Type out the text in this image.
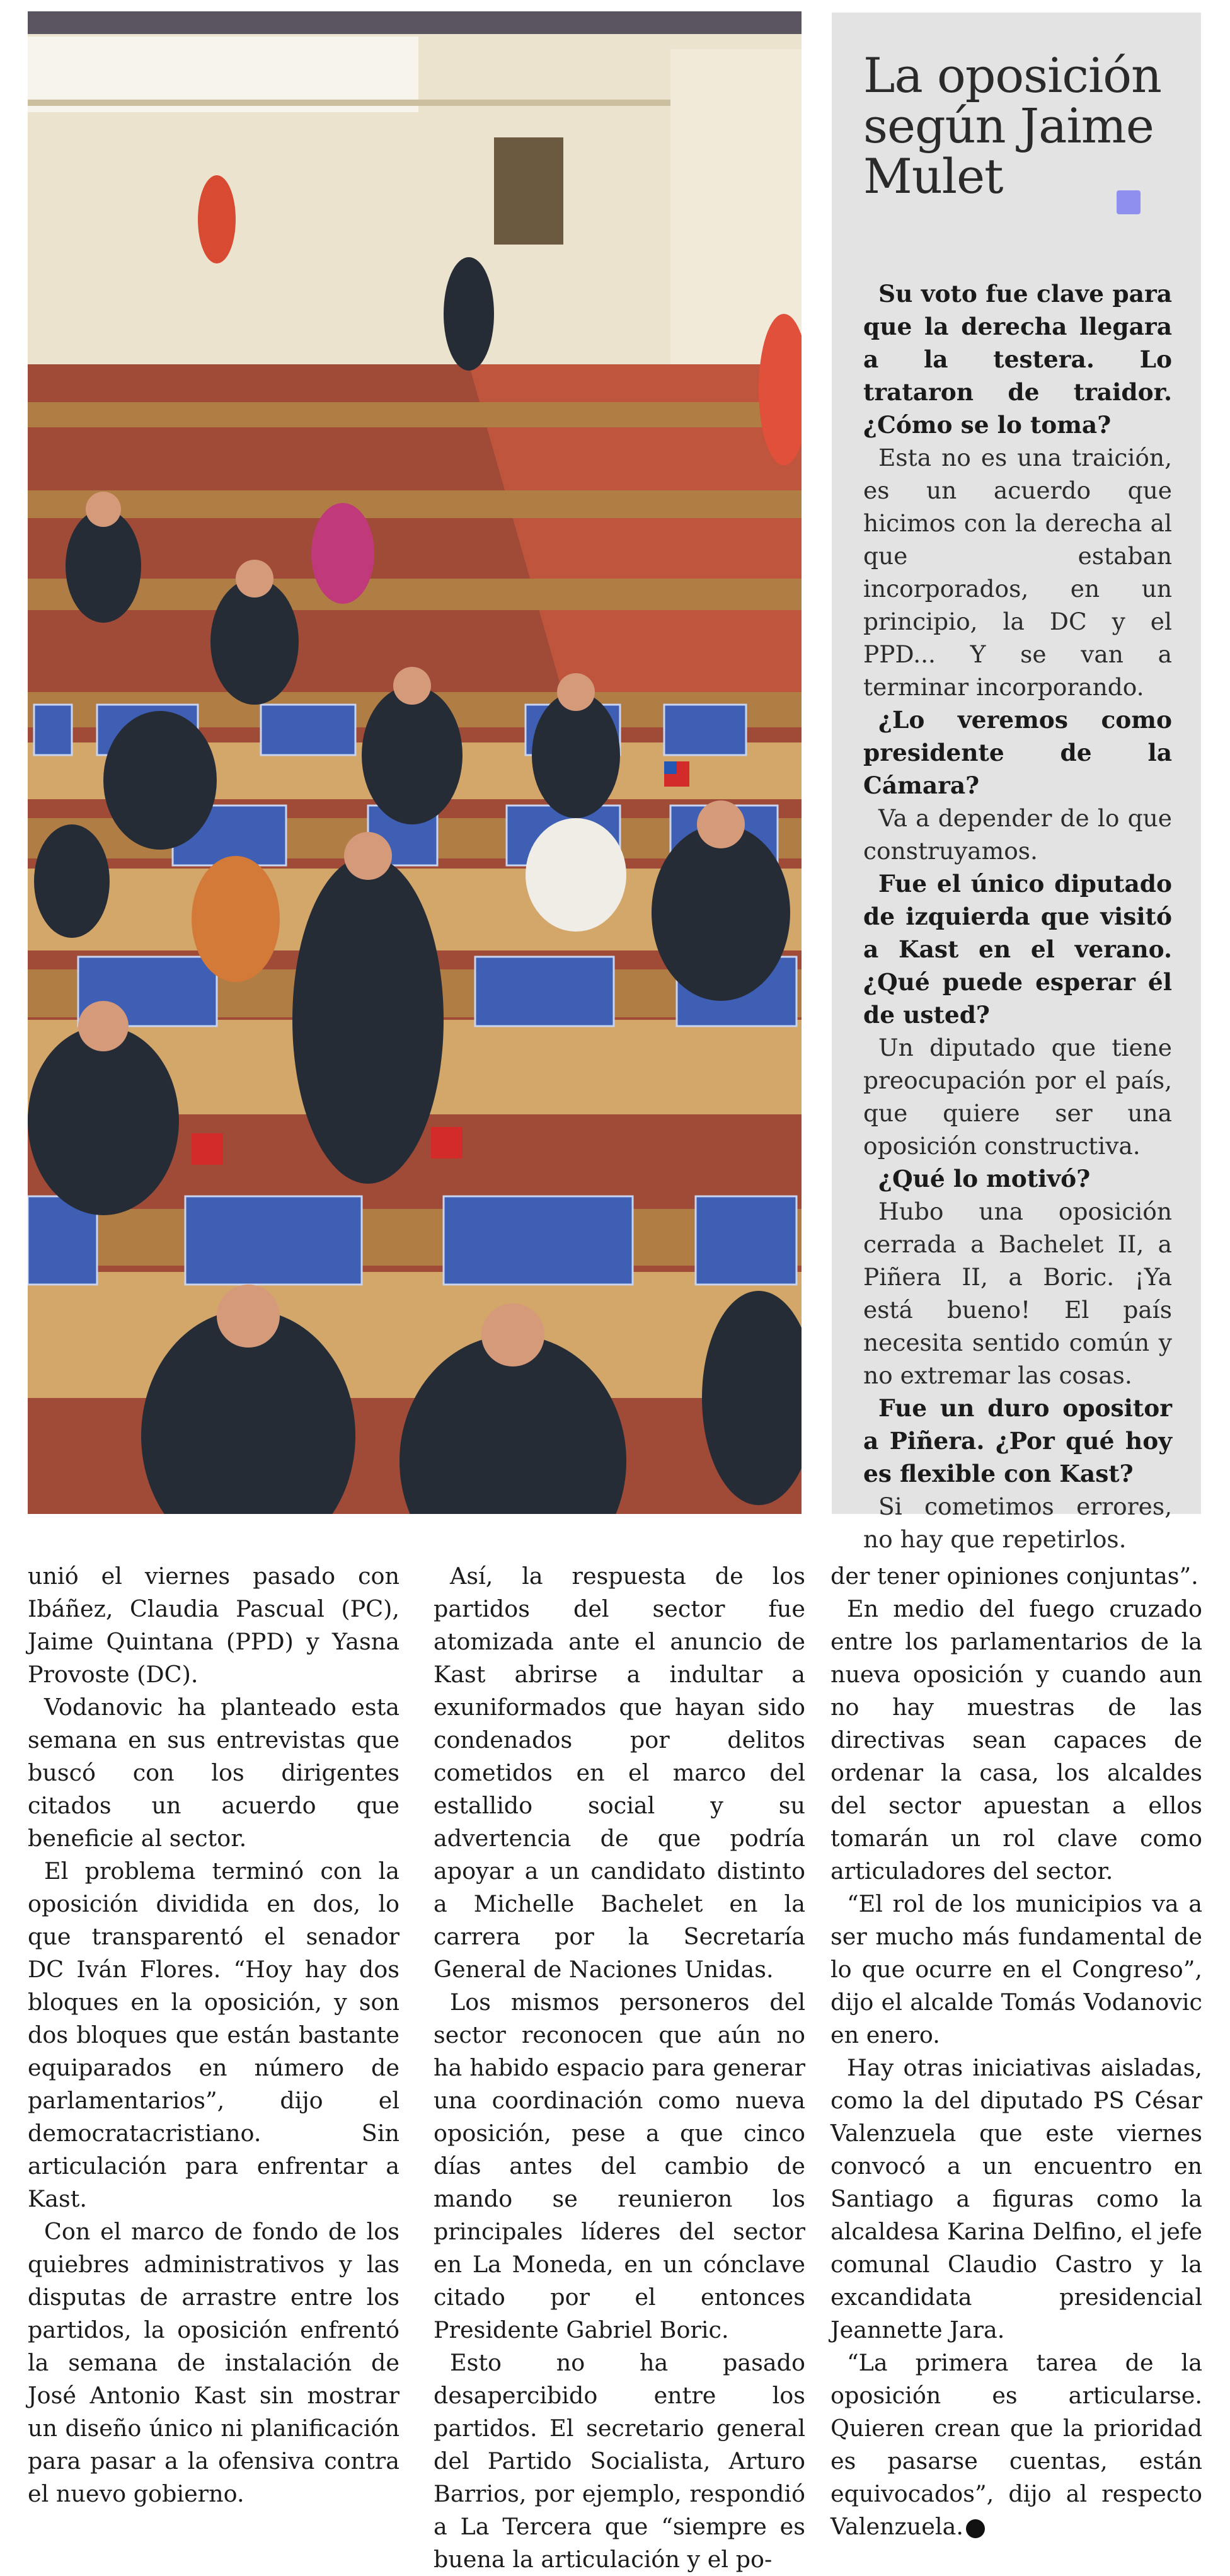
La oposición según Jaime Mulet

Su voto fue clave para que la derecha llegara a la testera. Lo trataron de traidor. ¿Cómo se lo toma?

Esta no es una traición, es un acuerdo que hicimos con la derecha al que estaban incorporados, en un principio, la DC y el PPD... Y se van a terminar incorporando.

¿Lo veremos como presidente de la Cámara?

Va a depender de lo que construyamos.

Fue el único diputado de izquierda que visitó a Kast en el verano. ¿Qué puede esperar él de usted?

Un diputado que tiene preocupación por el país, que quiere ser una oposición constructiva.

¿Qué lo motivó?

Hubo una oposición cerrada a Bachelet II, a Piñera II, a Boric. ¡Ya está bueno! El país necesita sentido común y no extremar las cosas.

Fue un duro opositor a Piñera. ¿Por qué hoy es flexible con Kast?

Si cometimos errores, no hay que repetirlos.

unió el viernes pasado con Ibáñez, Claudia Pascual (PC), Jaime Quintana (PPD) y Yasna Provoste (DC).

Vodanovic ha planteado esta semana en sus entrevistas que buscó con los dirigentes citados un acuerdo que beneficie al sector.

El problema terminó con la oposición dividida en dos, lo que transparentó el senador DC Iván Flores. “Hoy hay dos bloques en la oposición, y son dos bloques que están bastante equiparados en número de parlamentarios”, dijo el democratacristiano. Sin articulación para enfrentar a Kast.

Con el marco de fondo de los quiebres administrativos y las disputas de arrastre entre los partidos, la oposición enfrentó la semana de instalación de José Antonio Kast sin mostrar un diseño único ni planificación para pasar a la ofensiva contra el nuevo gobierno.

Así, la respuesta de los partidos del sector fue atomizada ante el anuncio de Kast abrirse a indultar a exuniformados que hayan sido condenados por delitos cometidos en el marco del estallido social y su advertencia de que podría apoyar a un candidato distinto a Michelle Bachelet en la carrera por la Secretaría General de Naciones Unidas.

Los mismos personeros del sector reconocen que aún no ha habido espacio para generar una coordinación como nueva oposición, pese a que cinco días antes del cambio de mando se reunieron los principales líderes del sector en La Moneda, en un cónclave citado por el entonces Presidente Gabriel Boric.

Esto no ha pasado desapercibido entre los partidos. El secretario general del Partido Socialista, Arturo Barrios, por ejemplo, respondió a La Tercera que “siempre es buena la articulación y el po-

der tener opiniones conjuntas”.

En medio del fuego cruzado entre los parlamentarios de la nueva oposición y cuando aun no hay muestras de las directivas sean capaces de ordenar la casa, los alcaldes del sector apuestan a ellos tomarán un rol clave como articuladores del sector.

“El rol de los municipios va a ser mucho más fundamental de lo que ocurre en el Congreso”, dijo el alcalde Tomás Vodanovic en enero.

Hay otras iniciativas aisladas, como la del diputado PS César Valenzuela que este viernes convocó a un encuentro en Santiago a figuras como la alcaldesa Karina Delfino, el jefe comunal Claudio Castro y la excandidata presidencial Jeannette Jara.

“La primera tarea de la oposición es articularse. Quieren crean que la prioridad es pasarse cuentas, están equivocados”, dijo al respecto Valenzuela.
